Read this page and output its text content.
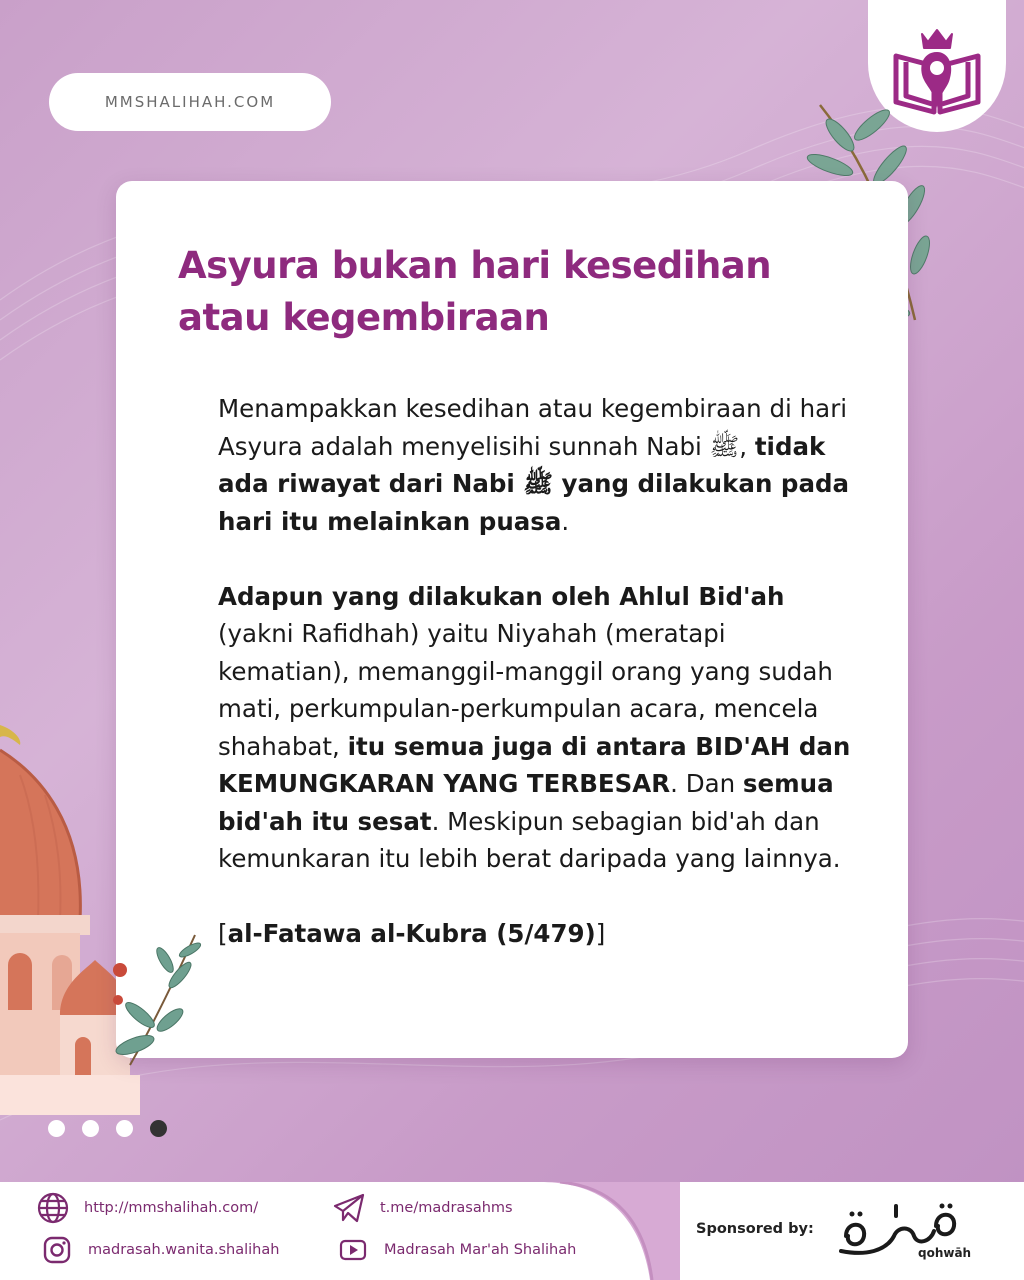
MMSHALIHAH.COM
Asyura bukan hari kesedihan atau kegembiraan

Menampakkan kesedihan atau kegembiraan di hari Asyura adalah menyelisihi sunnah Nabi ﷺ, tidak ada riwayat dari Nabi ﷺ yang dilakukan pada hari itu melainkan puasa.

Adapun yang dilakukan oleh Ahlul Bid'ah (yakni Rafidhah) yaitu Niyahah (meratapi kematian), memanggil-manggil orang yang sudah mati, perkumpulan-perkumpulan acara, mencela shahabat, itu semua juga di antara BID'AH dan KEMUNGKARAN YANG TERBESAR. Dan semua bid'ah itu sesat. Meskipun sebagian bid'ah dan kemunkaran itu lebih berat daripada yang lainnya.

[al-Fatawa al-Kubra (5/479)]

http://mmshalihah.com/
madrasah.wanita.shalihah
t.me/madrasahms
Madrasah Mar'ah Shalihah
Sponsored by:
qohwāh
